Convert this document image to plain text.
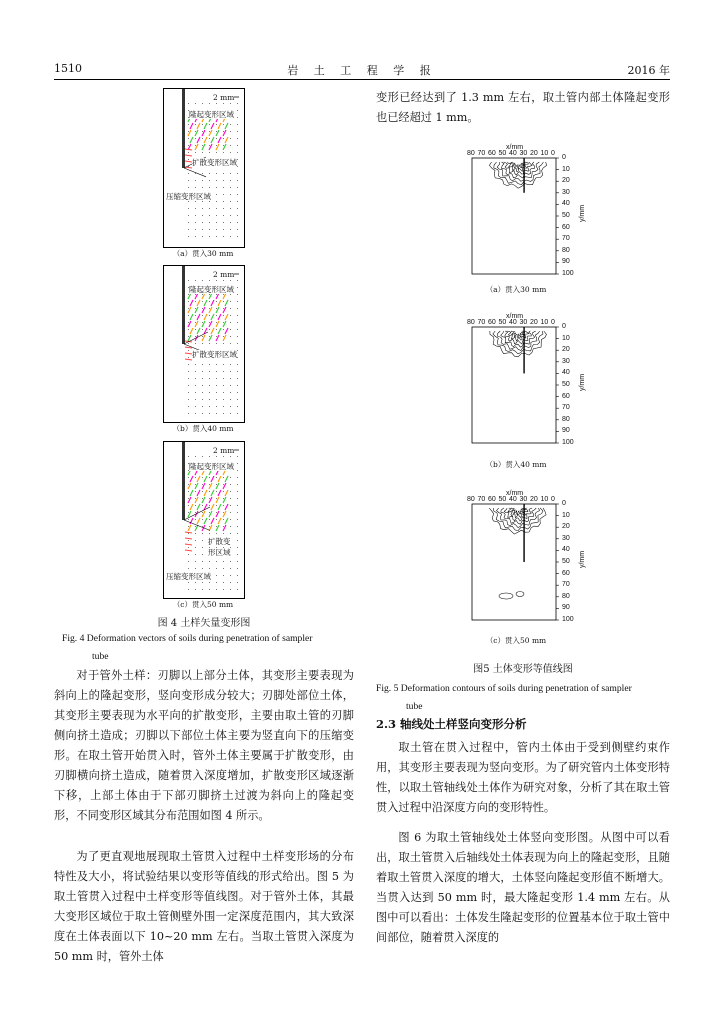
1510	岩 土 工 程 学 报	2016 年
2 mm
隆起变形区域
扩散变形区域
压缩变形区域
（a）贯入30 mm
2 mm
隆起变形区域
扩散变形区域
（b）贯入40 mm
2 mm
隆起变形区域
扩散变
形区域
压缩变形区域
（c）贯入50 mm
图 4 土样矢量变形图
Fig. 4 Deformation vectors of soils during penetration of sampler
tube

对于管外土样：刃脚以上部分土体，其变形主要表现为斜向上的隆起变形，竖向变形成分较大；刃脚处部位土体，其变形主要表现为水平向的扩散变形，主要由取土管的刃脚侧向挤土造成；刃脚以下部位土体主要为竖直向下的压缩变形。在取土管开始贯入时，管外土体主要属于扩散变形，由刃脚横向挤土造成，随着贯入深度增加，扩散变形区域逐渐下移，上部土体由于下部刃脚挤土过渡为斜向上的隆起变形，不同变形区域其分布范围如图 4 所示。

为了更直观地展现取土管贯入过程中土样变形场的分布特性及大小，将试验结果以变形等值线的形式给出。图 5 为取土管贯入过程中土样变形等值线图。对于管外土体，其最大变形区域位于取土管侧壁外围一定深度范围内，其大致深度在土体表面以下 10~20 mm 左右。当取土管贯入深度为 50 mm 时，管外土体

变形已经达到了 1.3 mm 左右，取土管内部土体隆起变形也已经超过 1 mm。

x/mm
80 70 60 50 40 30 20 10 0
0
10
20
30
40
50
60
70
80
90
100
y/mm
（a）贯入30 mm
x/mm
80 70 60 50 40 30 20 10 0
0
10
20
30
40
50
60
70
80
90
100
y/mm
（b）贯入40 mm
x/mm
80 70 60 50 40 30 20 10 0
0
10
20
30
40
50
60
70
80
90
100
y/mm
（c）贯入50 mm
图5 土体变形等值线图
Fig. 5 Deformation contours of soils during penetration of sampler
tube
2.3 轴线处土样竖向变形分析

取土管在贯入过程中，管内土体由于受到侧壁约束作用，其变形主要表现为竖向变形。为了研究管内土体变形特性，以取土管轴线处土体作为研究对象，分析了其在取土管贯入过程中沿深度方向的变形特性。

图 6 为取土管轴线处土体竖向变形图。从图中可以看出，取土管贯入后轴线处土体表现为向上的隆起变形，且随着取土管贯入深度的增大，土体竖向隆起变形值不断增大。当贯入达到 50 mm 时，最大隆起变形 1.4 mm 左右。从图中可以看出：土体发生隆起变形的位置基本位于取土管中间部位，随着贯入深度的
